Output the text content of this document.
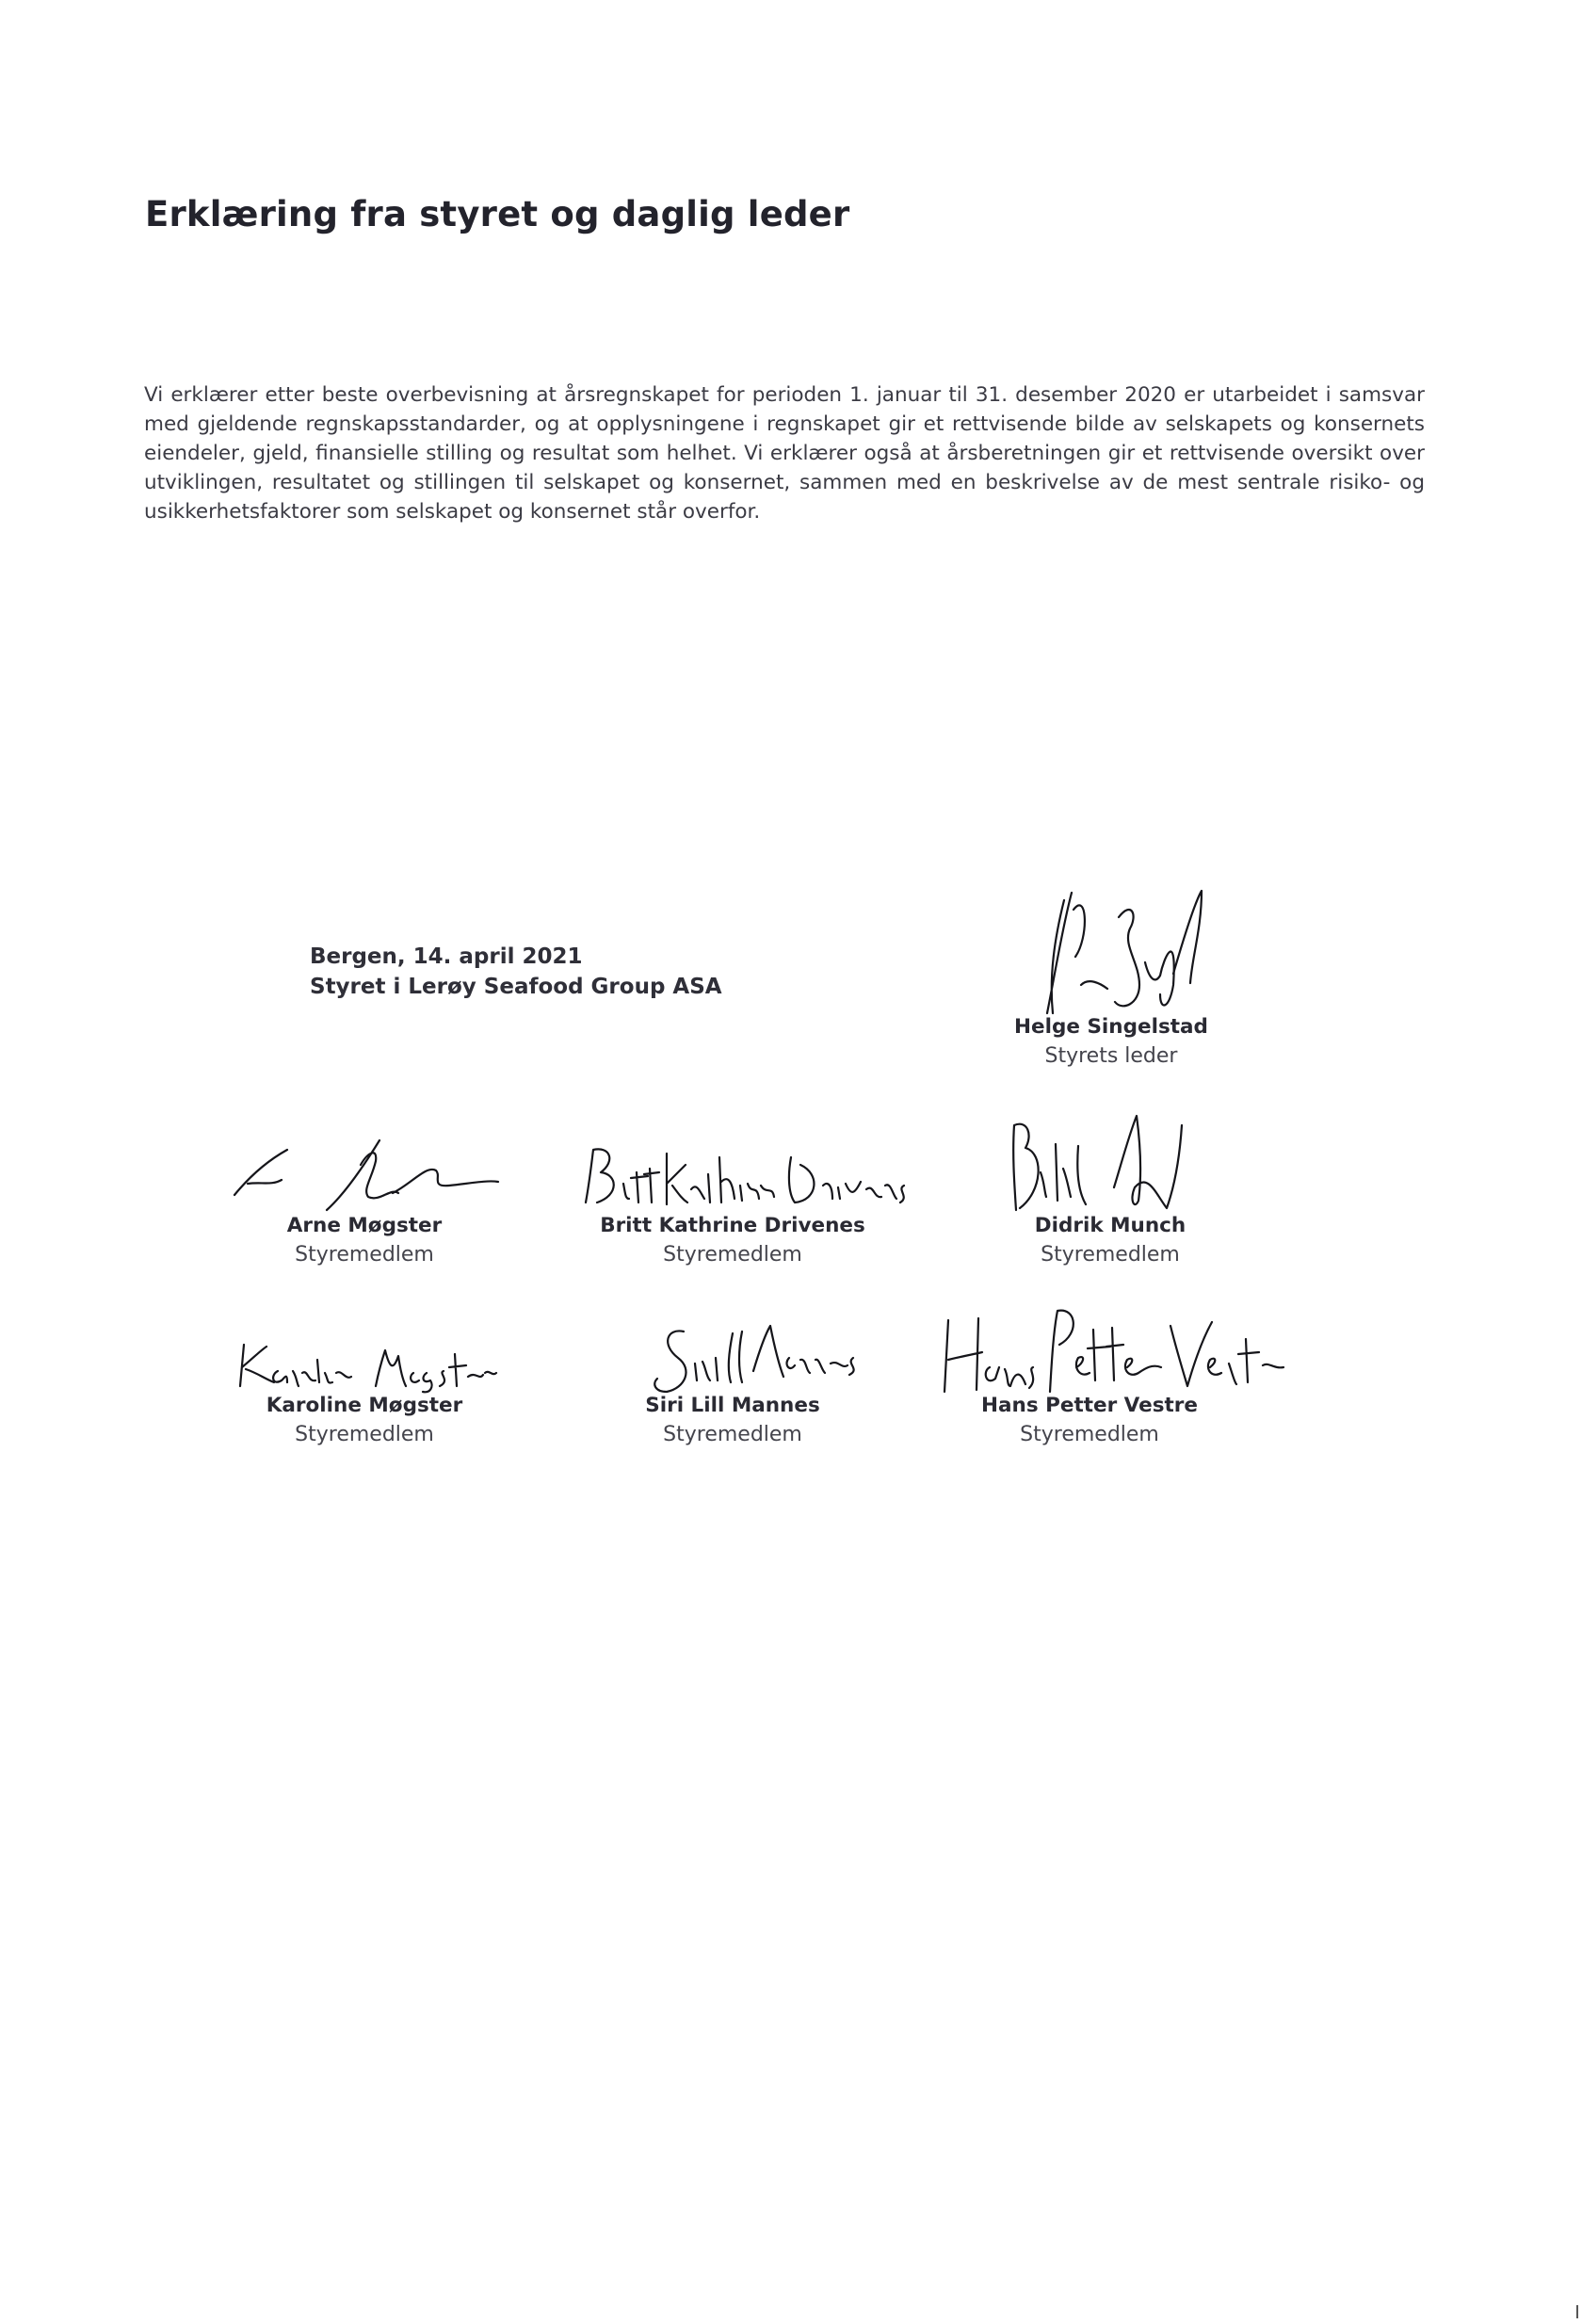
Erklæring fra styret og daglig leder

Vi erklærer etter beste overbevisning at årsregnskapet for perioden 1. januar til 31. desember 2020 er utarbeidet i samsvar med gjeldende regnskapsstandarder, og at opplysningene i regnskapet gir et rettvisende bilde av selskapets og konsernets eiendeler, gjeld, finansielle stilling og resultat som helhet. Vi erklærer også at årsberetningen gir et rettvisende oversikt over utviklingen, resultatet og stillingen til selskapet og konsernet, sammen med en beskrivelse av de mest sentrale risiko- og usikkerhetsfaktorer som selskapet og konsernet står overfor.

Bergen, 14. april 2021
Styret i Lerøy Seafood Group ASA
Helge Singelstad
Styrets leder
Arne Møgster
Styremedlem
Britt Kathrine Drivenes
Styremedlem
Didrik Munch
Styremedlem
Karoline Møgster
Styremedlem
Siri Lill Mannes
Styremedlem
Hans Petter Vestre
Styremedlem
